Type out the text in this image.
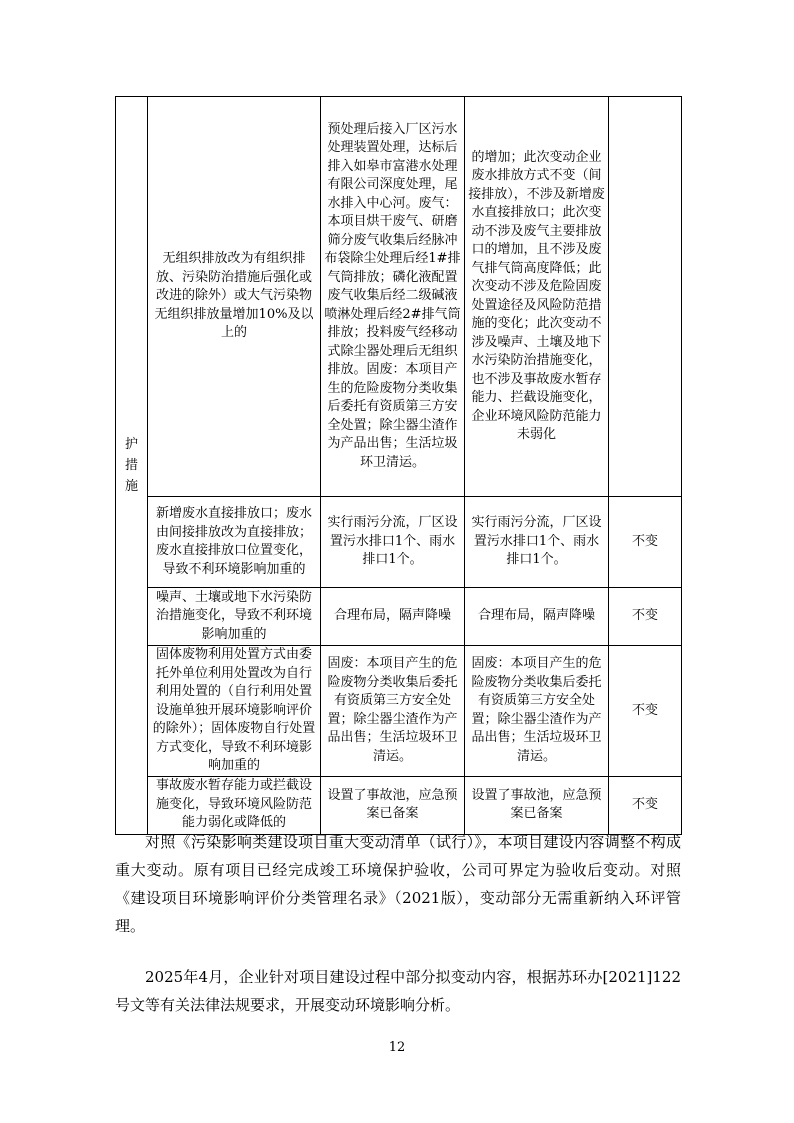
护措施	无组织排放改为有组织排放、污染防治措施后强化或改进的除外）或大气污染物无组织排放量增加10%及以上的	预处理后接入厂区污水处理装置处理，达标后排入如皋市富港水处理有限公司深度处理，尾水排入中心河。废气：本项目烘干废气、研磨筛分废气收集后经脉冲布袋除尘处理后经1#排气筒排放；磷化液配置废气收集后经二级碱液喷淋处理后经2#排气筒排放；投料废气经移动式除尘器处理后无组织排放。固废：本项目产生的危险废物分类收集后委托有资质第三方安全处置；除尘器尘渣作为产品出售；生活垃圾环卫清运。	的增加；此次变动企业废水排放方式不变（间接排放），不涉及新增废水直接排放口；此次变动不涉及废气主要排放口的增加，且不涉及废气排气筒高度降低；此次变动不涉及危险固废处置途径及风险防范措施的变化；此次变动不涉及噪声、土壤及地下水污染防治措施变化，也不涉及事故废水暂存能力、拦截设施变化，企业环境风险防范能力未弱化	
	新增废水直接排放口；废水由间接排放改为直接排放；废水直接排放口位置变化，导致不利环境影响加重的	实行雨污分流，厂区设置污水排口1个、雨水排口1个。	实行雨污分流，厂区设置污水排口1个、雨水排口1个。	不变
	噪声、土壤或地下水污染防治措施变化，导致不利环境影响加重的	合理布局，隔声降噪	合理布局，隔声降噪	不变
	固体废物利用处置方式由委托外单位利用处置改为自行利用处置的（自行利用处置设施单独开展环境影响评价的除外）；固体废物自行处置方式变化，导致不利环境影响加重的	固废：本项目产生的危险废物分类收集后委托有资质第三方安全处置；除尘器尘渣作为产品出售；生活垃圾环卫清运。	固废：本项目产生的危险废物分类收集后委托有资质第三方安全处置；除尘器尘渣作为产品出售；生活垃圾环卫清运。	不变
	事故废水暂存能力或拦截设施变化，导致环境风险防范能力弱化或降低的	设置了事故池，应急预案已备案	设置了事故池，应急预案已备案	不变

对照《污染影响类建设项目重大变动清单（试行）》，本项目建设内容调整不构成重大变动。原有项目已经完成竣工环境保护验收，公司可界定为验收后变动。对照《建设项目环境影响评价分类管理名录》（2021版），变动部分无需重新纳入环评管理。

2025年4月，企业针对项目建设过程中部分拟变动内容，根据苏环办[2021]122号文等有关法律法规要求，开展变动环境影响分析。

12
